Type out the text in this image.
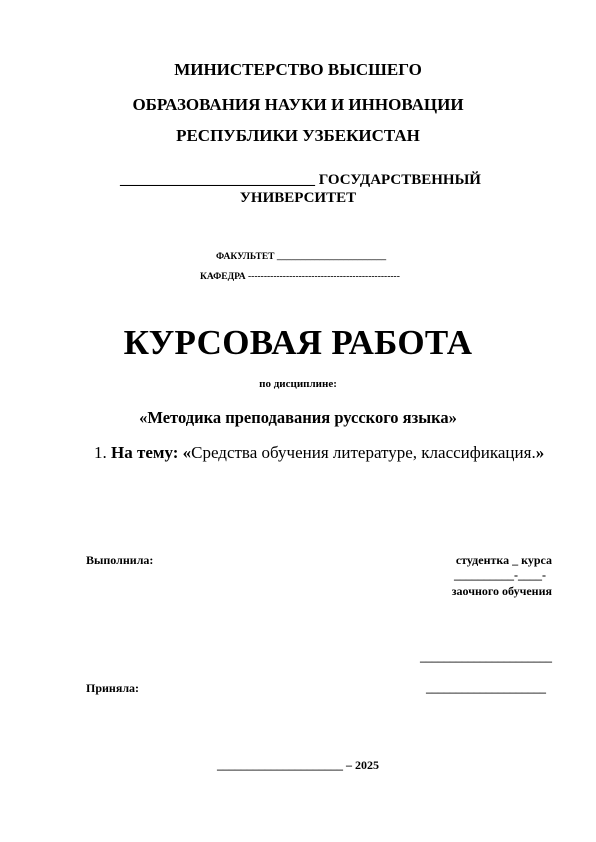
МИНИСТЕРСТВО ВЫСШЕГО
ОБРАЗОВАНИЯ НАУКИ И ИННОВАЦИИ
РЕСПУБЛИКИ УЗБЕКИСТАН
__________________________ ГОСУДАРСТВЕННЫЙ
УНИВЕРСИТЕТ
ФАКУЛЬТЕТ _______________________
КАФЕДРА ------------------------------------------------
КУРСОВАЯ РАБОТА
по дисциплине:
«Методика преподавания русского языка»
1. На тему: «Средства обучения литературе, классификация.»
Выполнила:	студентка _ курса
__________-____-
заочного обучения
______________________
Приняла:	____________________
_____________________ – 2025
